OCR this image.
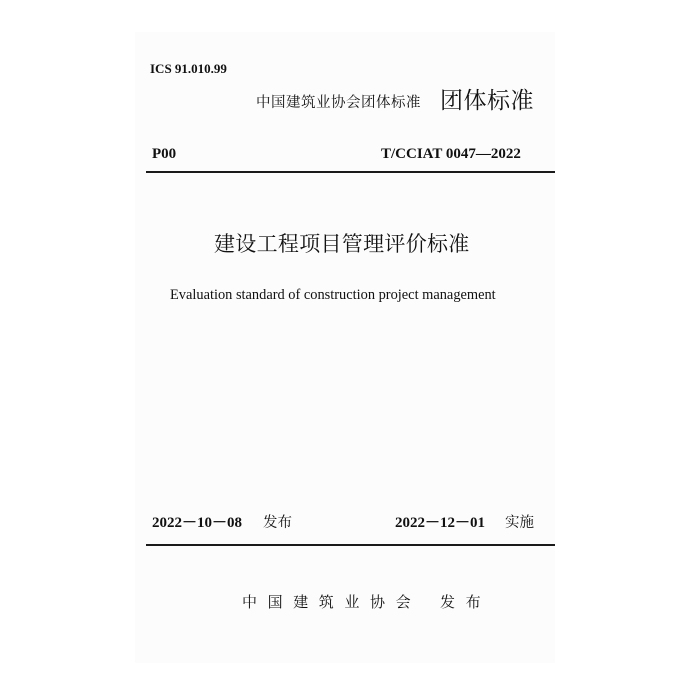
ICS 91.010.99
中国建筑业协会团体标准 团体标准
P00	T/CCIAT 0047—2022
建设工程项目管理评价标准
Evaluation standard of construction project management
2022－10－08 发布	2022－12－01 实施
中国建筑业协会 发布
